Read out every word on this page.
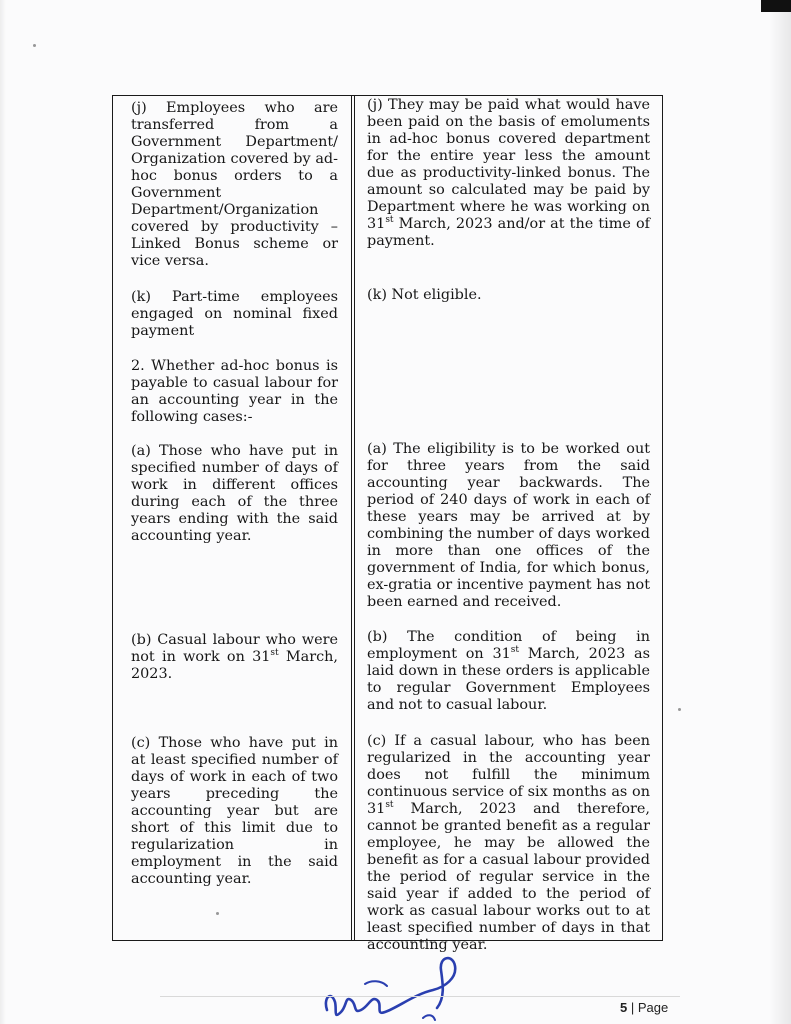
(j) Employees who are transferred from a Government Department/ Organization covered by ad-hoc bonus orders to a Government Department/Organization covered by productivity – Linked Bonus scheme or vice versa.
(j) They may be paid what would have been paid on the basis of emoluments in ad-hoc bonus covered department for the entire year less the amount due as productivity-linked bonus. The amount so calculated may be paid by Department where he was working on 31st March, 2023 and/or at the time of payment.
(k) Part-time employees engaged on nominal fixed payment
(k) Not eligible.
2. Whether ad-hoc bonus is payable to casual labour for an accounting year in the following cases:-
(a) Those who have put in specified number of days of work in different offices during each of the three years ending with the said accounting year.
(a) The eligibility is to be worked out for three years from the said accounting year backwards. The period of 240 days of work in each of these years may be arrived at by combining the number of days worked in more than one offices of the government of India, for which bonus, ex-gratia or incentive payment has not been earned and received.
(b) Casual labour who were not in work on 31st March, 2023.
(b) The condition of being in employment on 31st March, 2023 as laid down in these orders is applicable to regular Government Employees and not to casual labour.
(c) Those who have put in at least specified number of days of work in each of two years preceding the accounting year but are short of this limit due to regularization in employment in the said accounting year.
(c) If a casual labour, who has been regularized in the accounting year does not fulfill the minimum continuous service of six months as on 31st March, 2023 and therefore, cannot be granted benefit as a regular employee, he may be allowed the benefit as for a casual labour provided the period of regular service in the said year if added to the period of work as casual labour works out to at least specified number of days in that accounting year.
5 | Page
